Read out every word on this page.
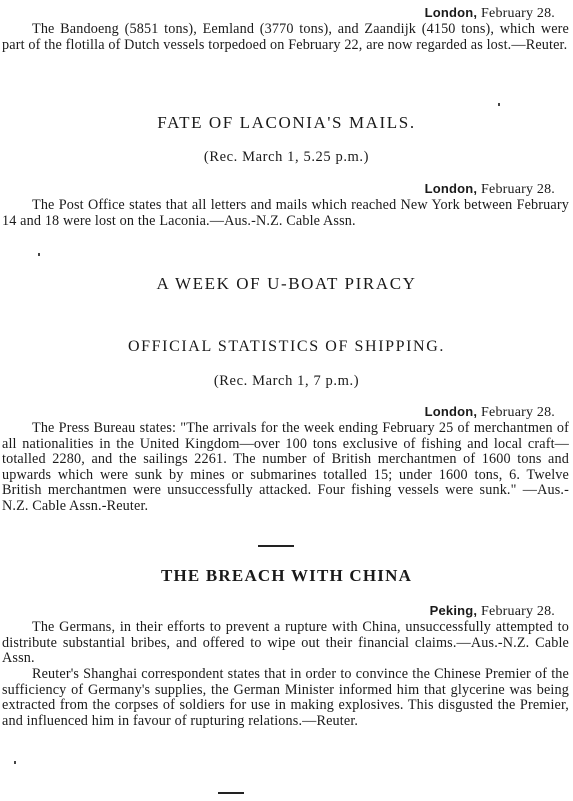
London, February 28.

The Bandoeng (5851 tons), Eemland (3770 tons), and Zaandijk (4150 tons), which were part of the flotilla of Dutch vessels torpedoed on February 22, are now regarded as lost.—Reuter.

FATE OF LACONIA'S MAILS.
(Rec. March 1, 5.25 p.m.)
London, February 28.

The Post Office states that all letters and mails which reached New York between February 14 and 18 were lost on the Laconia.—Aus.-N.Z. Cable Assn.

A WEEK OF U-BOAT PIRACY
OFFICIAL STATISTICS OF SHIPPING.
(Rec. March 1, 7 p.m.)
London, February 28.

The Press Bureau states: "The arrivals for the week ending February 25 of merchantmen of all nationalities in the United Kingdom—over 100 tons exclusive of fishing and local craft—totalled 2280, and the sailings 2261. The number of British merchantmen of 1600 tons and upwards which were sunk by mines or submarines totalled 15; under 1600 tons, 6. Twelve British merchantmen were unsuccessfully attacked. Four fishing vessels were sunk." —Aus.-N.Z. Cable Assn.-Reuter.

THE BREACH WITH CHINA
Peking, February 28.

The Germans, in their efforts to prevent a rupture with China, unsuccessfully attempted to distribute substantial bribes, and offered to wipe out their financial claims.—Aus.-N.Z. Cable Assn.

Reuter's Shanghai correspondent states that in order to convince the Chinese Premier of the sufficiency of Germany's supplies, the German Minister informed him that glycerine was being extracted from the corpses of soldiers for use in making explosives. This disgusted the Premier, and influenced him in favour of rupturing relations.—Reuter.
